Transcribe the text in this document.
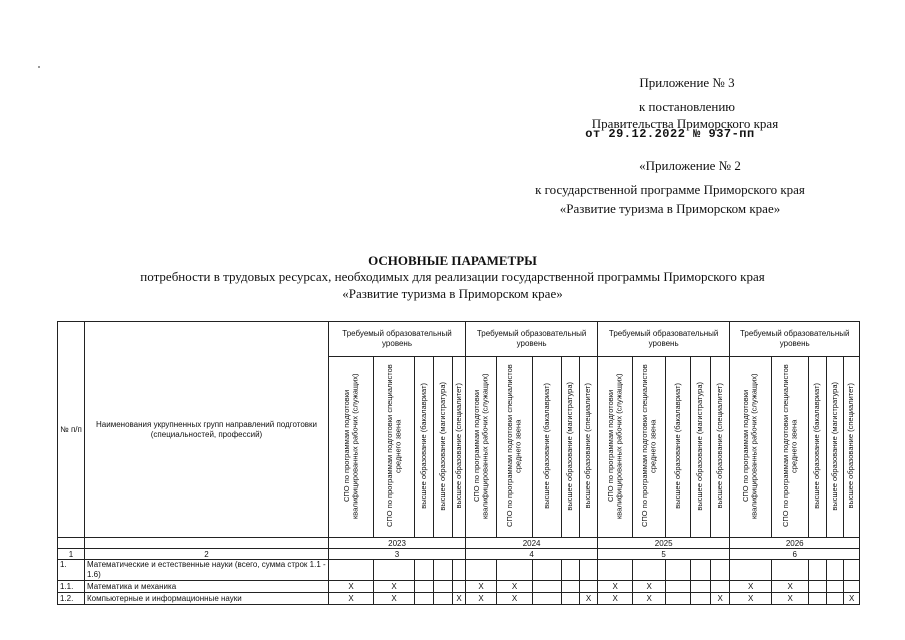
Приложение № 3
к постановлению
Правительства Приморского края
от 29.12.2022 № 937-пп
«Приложение № 2
к государственной программе Приморского края
«Развитие туризма в Приморском крае»
ОСНОВНЫЕ ПАРАМЕТРЫ
потребности в трудовых ресурсах, необходимых для реализации государственной программы Приморского края
«Развитие туризма в Приморском крае»
№ п/п	Наименования укрупненных групп направлений подготовки (специальностей, профессий)	Требуемый образовательный уровень					Требуемый образовательный уровень					Требуемый образовательный уровень					Требуемый образовательный уровень				
		СПО по программам подготовки квалифицированных рабочих (служащих)	СПО по программам подготовки специалистов среднего звена	высшее образование (бакалавриат)	высшее образование (магистратура)	высшее образование (специалитет)	СПО по программам подготовки квалифицированных рабочих (служащих)	СПО по программам подготовки специалистов среднего звена	высшее образование (бакалавриат)	высшее образование (магистратура)	высшее образование (специалитет)	СПО по программам подготовки квалифицированных рабочих (служащих)	СПО по программам подготовки специалистов среднего звена	высшее образование (бакалавриат)	высшее образование (магистратура)	высшее образование (специалитет)	СПО по программам подготовки квалифицированных рабочих (служащих)	СПО по программам подготовки специалистов среднего звена	высшее образование (бакалавриат)	высшее образование (магистратура)	высшее образование (специалитет)
		2023					2024					2025					2026				
1	2	3					4					5					6				
1.	Математические и естественные науки (всего, сумма строк 1.1 - 1.6)																				
1.1.	Математика и механика	X	X				X	X				X	X				X	X			
1.2.	Компьютерные и информационные науки	X	X			X	X	X			X	X	X			X	X	X			X
